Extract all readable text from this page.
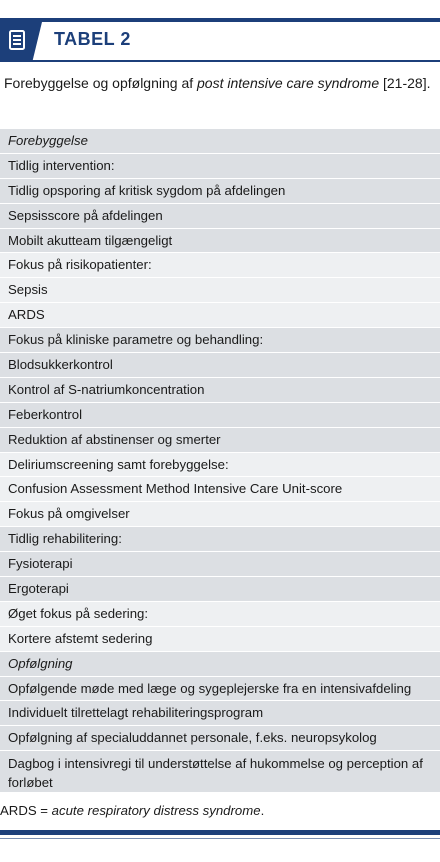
TABEL 2
Forebyggelse og opfølgning af post intensive care syndrome [21-28].
Forebyggelse
Tidlig intervention:
Tidlig opsporing af kritisk sygdom på afdelingen
Sepsisscore på afdelingen
Mobilt akutteam tilgængeligt
Fokus på risikopatienter:
Sepsis
ARDS
Fokus på kliniske parametre og behandling:
Blodsukkerkontrol
Kontrol af S-natriumkoncentration
Feberkontrol
Reduktion af abstinenser og smerter
Deliriumscreening samt forebyggelse:
Confusion Assessment Method Intensive Care Unit-score
Fokus på omgivelser
Tidlig rehabilitering:
Fysioterapi
Ergoterapi
Øget fokus på sedering:
Kortere afstemt sedering
Opfølgning
Opfølgende møde med læge og sygeplejerske fra en intensivafdeling
Individuelt tilrettelagt rehabiliteringsprogram
Opfølgning af specialuddannet personale, f.eks. neuropsykolog
Dagbog i intensivregi til understøttelse af hukommelse og perception af forløbet
ARDS = acute respiratory distress syndrome.
